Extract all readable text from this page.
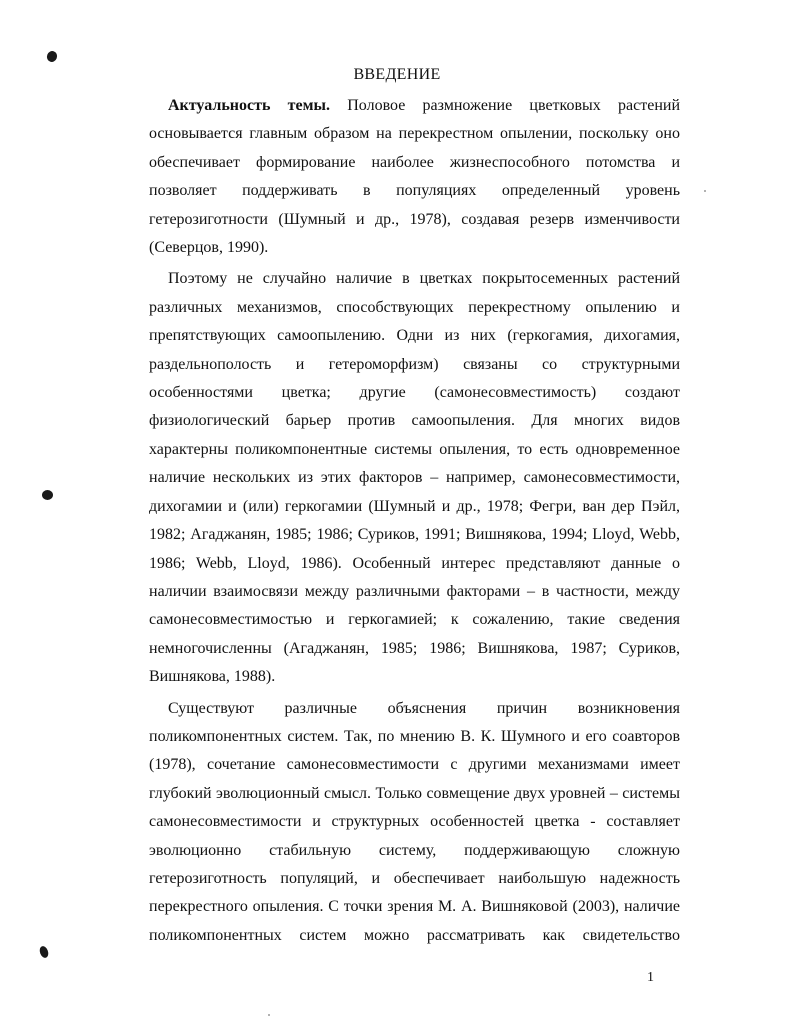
ВВЕДЕНИЕ

Актуальность темы. Половое размножение цветковых растений основывается главным образом на перекрестном опылении, поскольку оно обеспечивает формирование наиболее жизнеспособного потомства и позволяет поддерживать в популяциях определенный уровень гетерозиготности (Шумный и др., 1978), создавая резерв изменчивости (Северцов, 1990).

Поэтому не случайно наличие в цветках покрытосеменных растений различных механизмов, способствующих перекрестному опылению и препятствующих самоопылению. Одни из них (геркогамия, дихогамия, раздельнополость и гетероморфизм) связаны со структурными особенностями цветка; другие (самонесовместимость) создают физиологический барьер против самоопыления. Для многих видов характерны поликомпонентные системы опыления, то есть одновременное наличие нескольких из этих факторов – например, самонесовместимости, дихогамии и (или) геркогамии (Шумный и др., 1978; Фегри, ван дер Пэйл, 1982; Агаджанян, 1985; 1986; Суриков, 1991; Вишнякова, 1994; Lloyd, Webb, 1986; Webb, Lloyd, 1986). Особенный интерес представляют данные о наличии взаимосвязи между различными факторами – в частности, между самонесовместимостью и геркогамией; к сожалению, такие сведения немногочисленны (Агаджанян, 1985; 1986; Вишнякова, 1987; Суриков, Вишнякова, 1988).

Существуют различные объяснения причин возникновения поликомпонентных систем. Так, по мнению В. К. Шумного и его соавторов (1978), сочетание самонесовместимости с другими механизмами имеет глубокий эволюционный смысл. Только совмещение двух уровней – системы самонесовместимости и структурных особенностей цветка - составляет эволюционно стабильную систему, поддерживающую сложную гетерозиготность популяций, и обеспечивает наибольшую надежность перекрестного опыления. С точки зрения М. А. Вишняковой (2003), наличие поликомпонентных систем можно рассматривать как свидетельство

1
